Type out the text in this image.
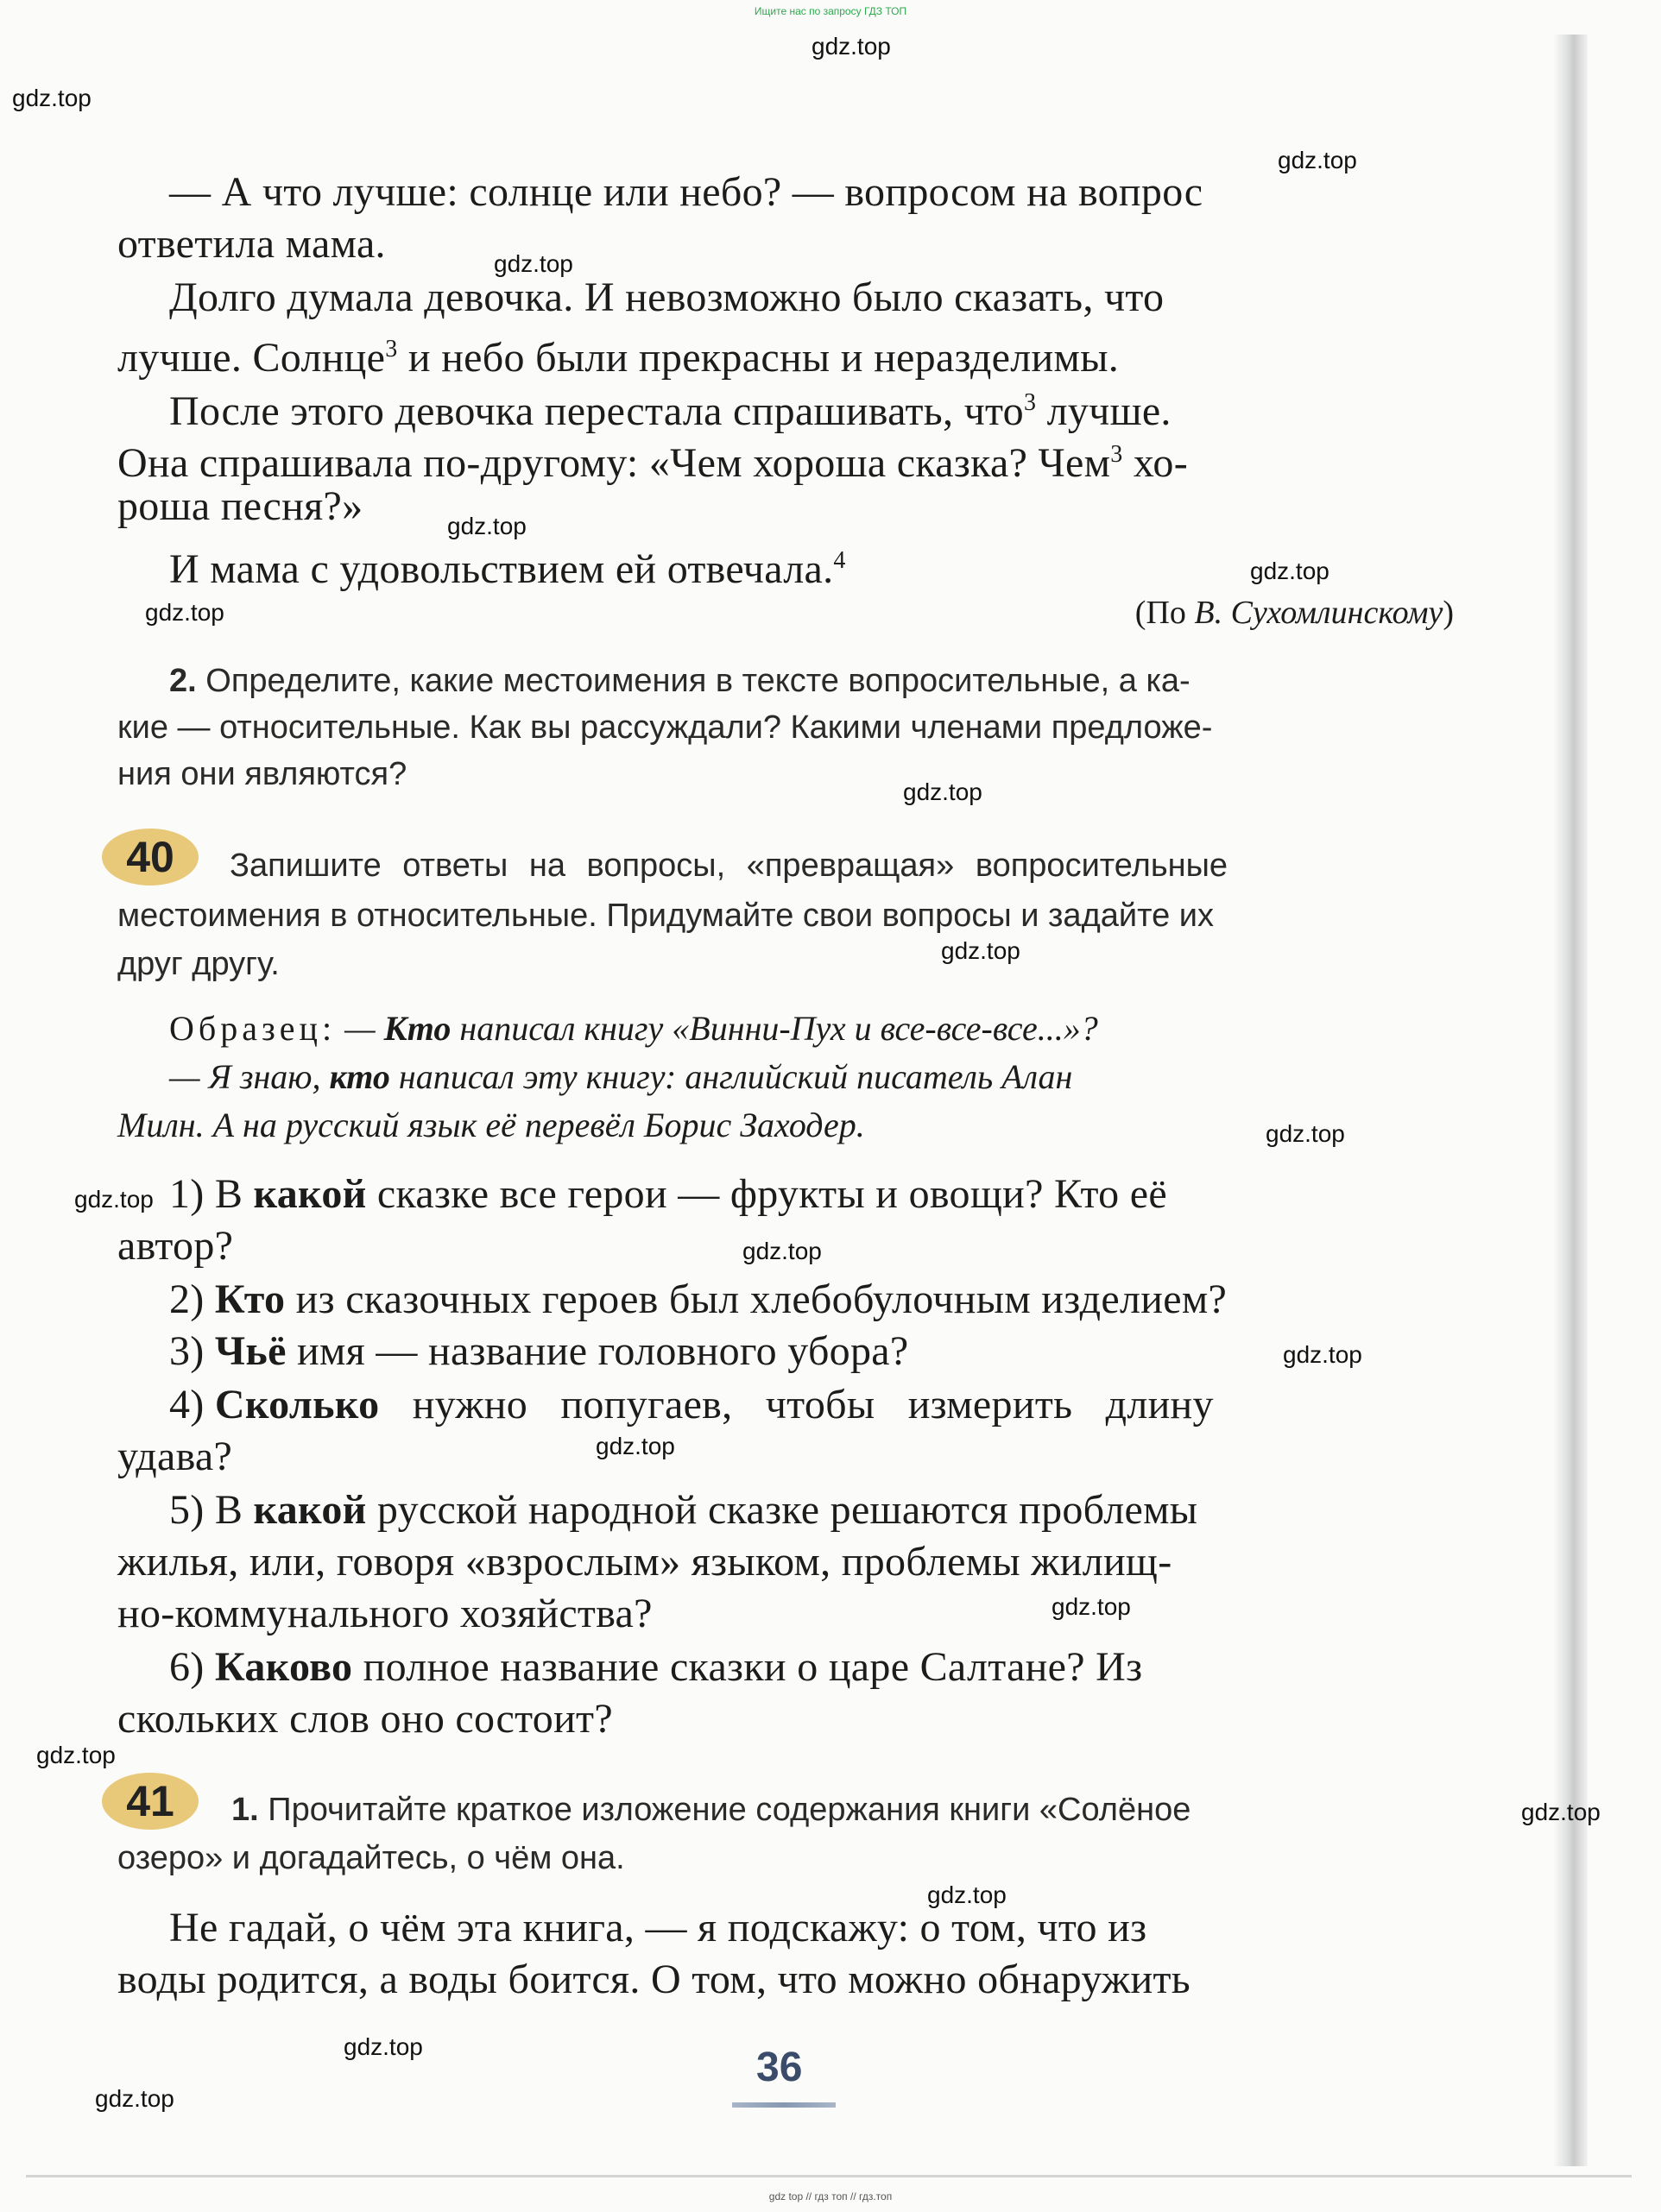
Ищите нас по запросу ГДЗ ТОП
gdz.top
gdz.top
gdz.top
gdz.top
gdz.top
gdz.top
gdz.top
gdz.top
gdz.top
gdz.top
gdz.top
gdz.top
gdz.top
gdz.top
gdz.top
gdz.top
gdz.top
gdz.top
gdz.top
gdz.top
— А что лучше: солнце или небо? — вопросом на вопрос
ответила мама.
Долго думала девочка. И невозможно было сказать, что
лучше. Солнце$^3$ и небо были прекрасны и неразделимы.
После этого девочка перестала спрашивать, что$^3$ лучше.
Она спрашивала по-другому: «Чем хороша сказка? Чем$^3$ хо-
роша песня?»
И мама с удовольствием ей отвечала.$^4$
(По В. Сухомлинскому)
2. Определите, какие местоимения в тексте вопросительные, а ка-
кие — относительные. Как вы рассуждали? Какими членами предложе-
ния они являются?
40	Запишите ответы на вопросы, «превращая» вопросительные
местоимения в относительные. Придумайте свои вопросы и задайте их
друг другу.
Образец: — Кто написал книгу «Винни-Пух и все-все-все...»?
— Я знаю, кто написал эту книгу: английский писатель Алан
Милн. А на русский язык её перевёл Борис Заходер.
1) В какой сказке все герои — фрукты и овощи? Кто её
автор?
2) Кто из сказочных героев был хлебобулочным изделием?
3) Чьё имя — название головного убора?
4) Сколько нужно попугаев, чтобы измерить длину
удава?
5) В какой русской народной сказке решаются проблемы
жилья, или, говоря «взрослым» языком, проблемы жилищ-
но-коммунального хозяйства?
6) Каково полное название сказки о царе Салтане? Из
скольких слов оно состоит?
41	1. Прочитайте краткое изложение содержания книги «Солёное
озеро» и догадайтесь, о чём она.
Не гадай, о чём эта книга, — я подскажу: о том, что из
воды родится, а воды боится. О том, что можно обнаружить
36
gdz top // гдз топ // гдз.топ
